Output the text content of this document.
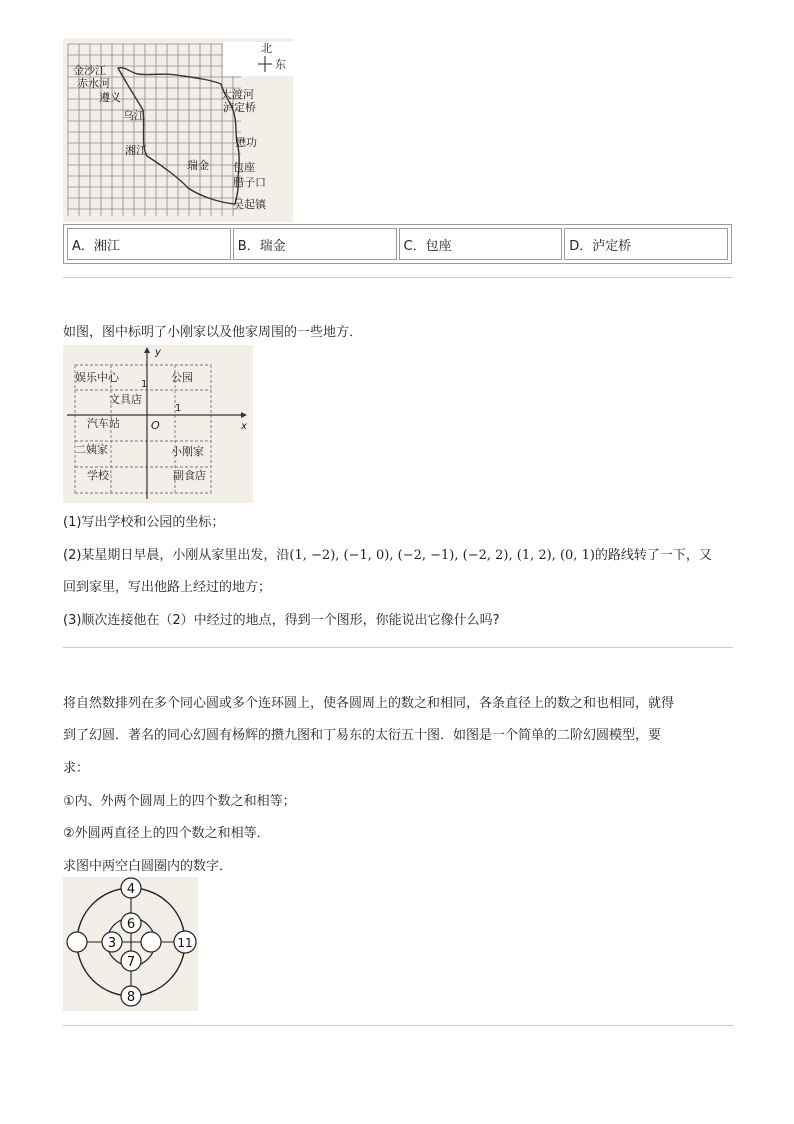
北
东
金沙江
赤水河
遵义
乌江
湘江
瑞金
大渡河
泸定桥
懋功
包座
腊子口
吴起镇
A．湘江	B．瑞金	C．包座	D．泸定桥
如图，图中标明了小刚家以及他家周围的一些地方．
y
x
O
1
1
娱乐中心	公园
文具店
汽车站
二姨家	小刚家
学校	副食店
(1)写出学校和公园的坐标；
(2)某星期日早晨，小刚从家里出发，沿(1, −2), (−1, 0), (−2, −1), (−2, 2), (1, 2), (0, 1)的路线转了一下，又
回到家里，写出他路上经过的地方；
(3)顺次连接他在（2）中经过的地点，得到一个图形，你能说出它像什么吗?
将自然数排列在多个同心圆或多个连环圆上，使各圆周上的数之和相同，各条直径上的数之和也相同，就得
到了幻圆．著名的同心幻圆有杨辉的攒九图和丁易东的太衍五十图．如图是一个简单的二阶幻圆模型，要
求：
①内、外两个圆周上的四个数之和相等；
②外圆两直径上的四个数之和相等．
求图中两空白圆圈内的数字．
4
6
3
7
11
8
